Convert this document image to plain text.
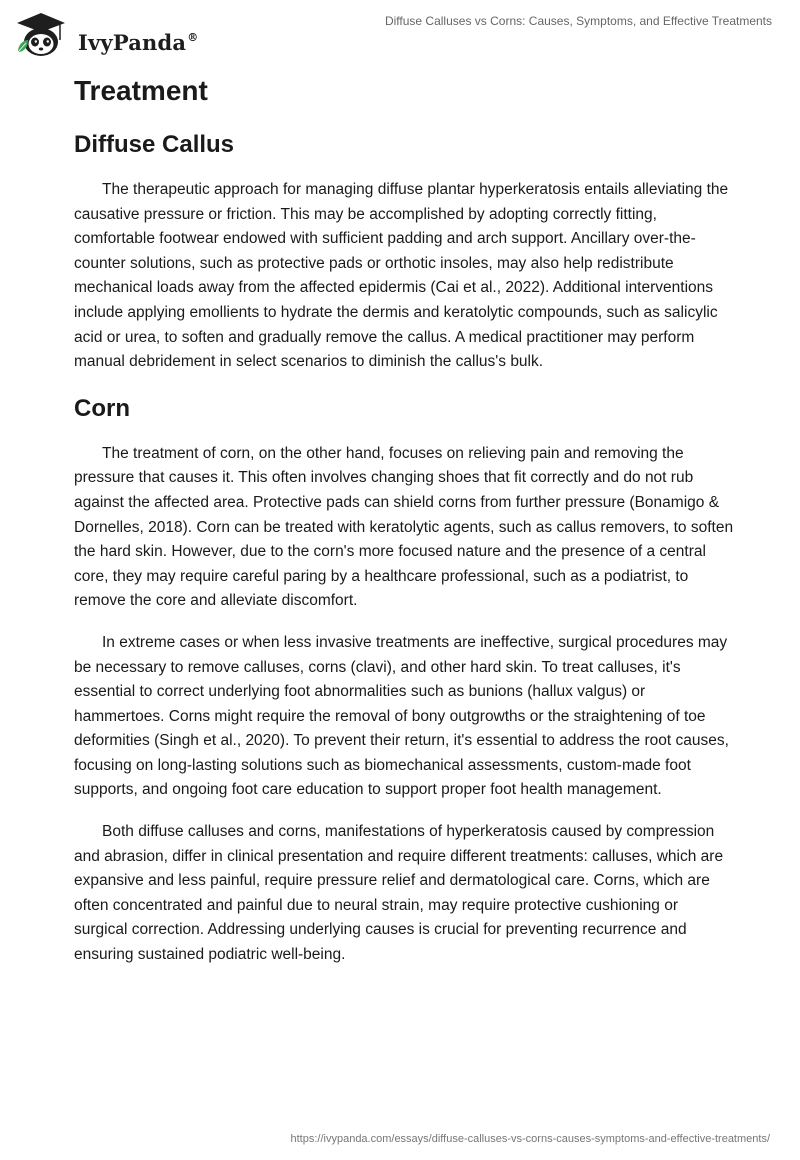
IvyPanda®
Diffuse Calluses vs Corns: Causes, Symptoms, and Effective Treatments
Treatment
Diffuse Callus

The therapeutic approach for managing diffuse plantar hyperkeratosis entails alleviating the causative pressure or friction. This may be accomplished by adopting correctly fitting, comfortable footwear endowed with sufficient padding and arch support. Ancillary over-the-counter solutions, such as protective pads or orthotic insoles, may also help redistribute mechanical loads away from the affected epidermis (Cai et al., 2022). Additional interventions include applying emollients to hydrate the dermis and keratolytic compounds, such as salicylic acid or urea, to soften and gradually remove the callus. A medical practitioner may perform manual debridement in select scenarios to diminish the callus's bulk.

Corn

The treatment of corn, on the other hand, focuses on relieving pain and removing the pressure that causes it. This often involves changing shoes that fit correctly and do not rub against the affected area. Protective pads can shield corns from further pressure (Bonamigo & Dornelles, 2018). Corn can be treated with keratolytic agents, such as callus removers, to soften the hard skin. However, due to the corn's more focused nature and the presence of a central core, they may require careful paring by a healthcare professional, such as a podiatrist, to remove the core and alleviate discomfort.

In extreme cases or when less invasive treatments are ineffective, surgical procedures may be necessary to remove calluses, corns (clavi), and other hard skin. To treat calluses, it's essential to correct underlying foot abnormalities such as bunions (hallux valgus) or hammertoes. Corns might require the removal of bony outgrowths or the straightening of toe deformities (Singh et al., 2020). To prevent their return, it's essential to address the root causes, focusing on long-lasting solutions such as biomechanical assessments, custom-made foot supports, and ongoing foot care education to support proper foot health management.

Both diffuse calluses and corns, manifestations of hyperkeratosis caused by compression and abrasion, differ in clinical presentation and require different treatments: calluses, which are expansive and less painful, require pressure relief and dermatological care. Corns, which are often concentrated and painful due to neural strain, may require protective cushioning or surgical correction. Addressing underlying causes is crucial for preventing recurrence and ensuring sustained podiatric well-being.

https://ivypanda.com/essays/diffuse-calluses-vs-corns-causes-symptoms-and-effective-treatments/
